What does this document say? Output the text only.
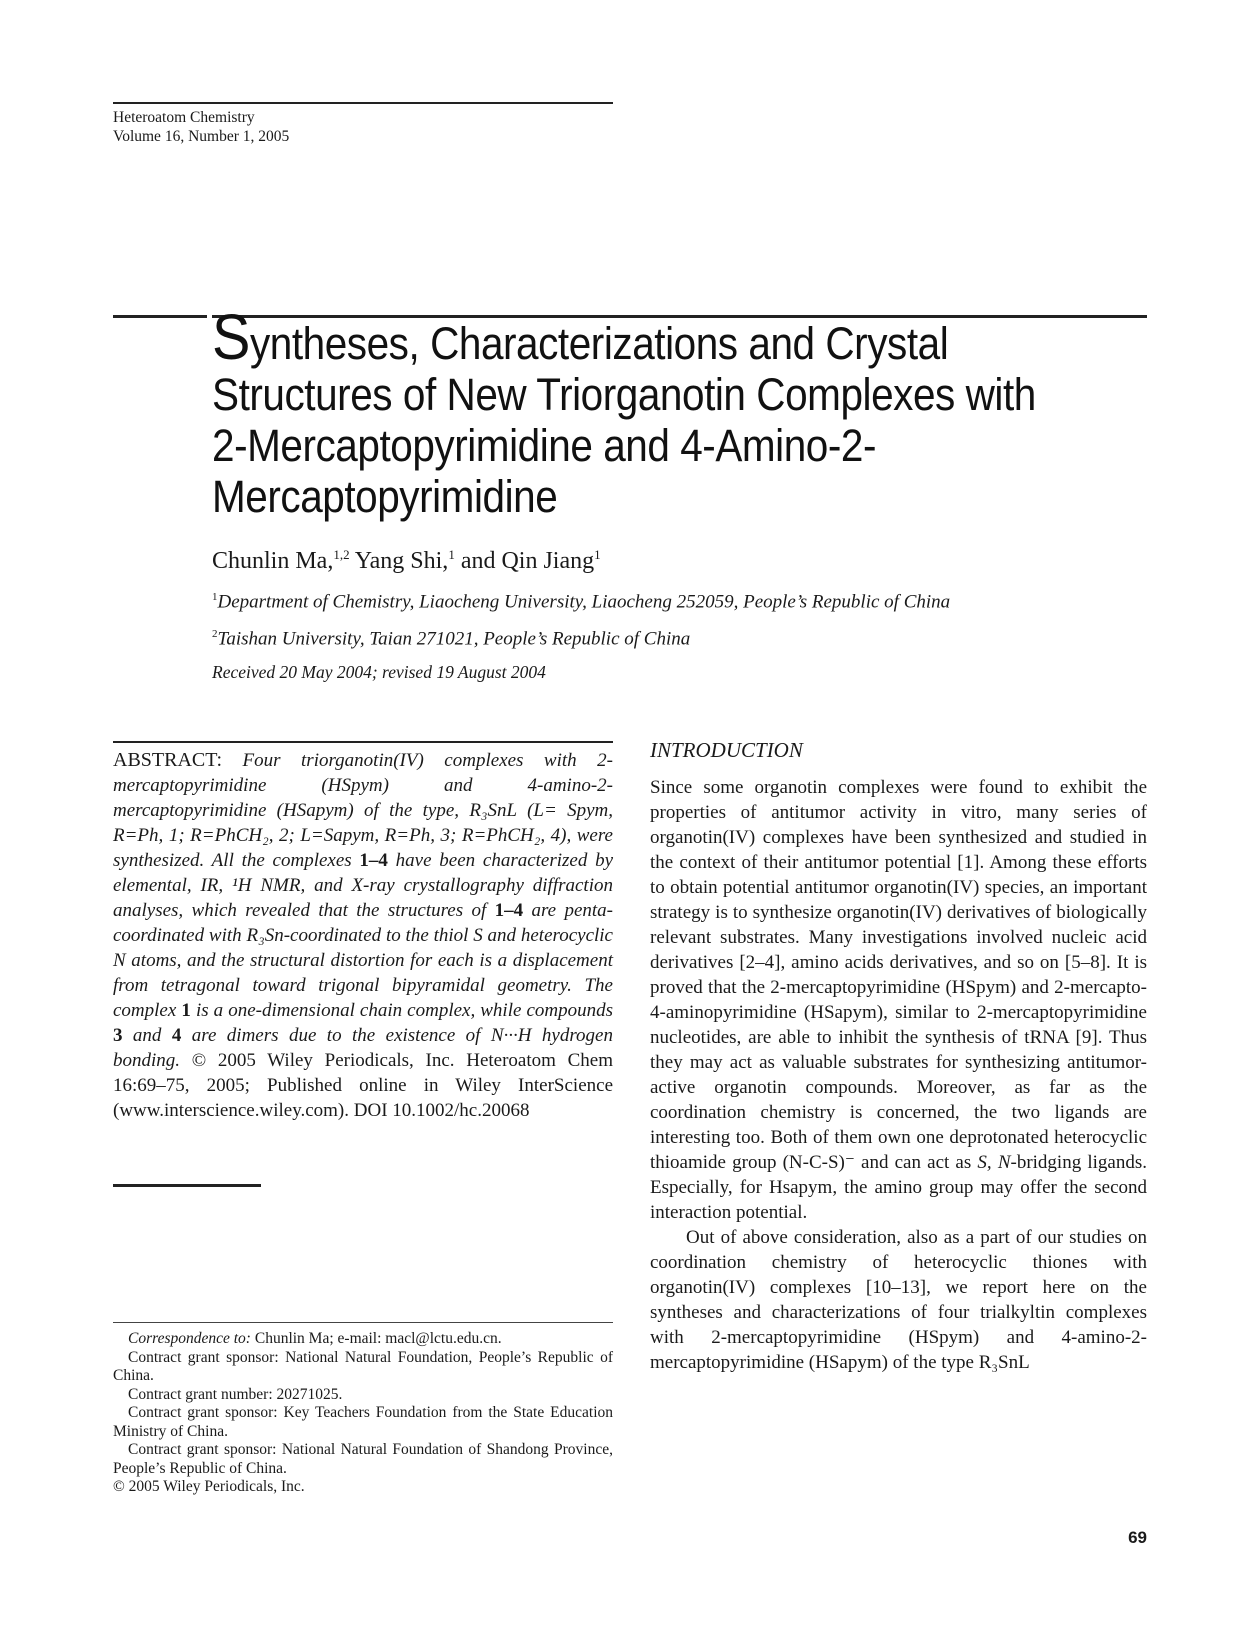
Heteroatom Chemistry
Volume 16, Number 1, 2005
Syntheses, Characterizations and Crystal Structures of New Triorganotin Complexes with 2-Mercaptopyrimidine and 4-Amino-2-Mercaptopyrimidine
Chunlin Ma,$^{1,2}$ Yang Shi,$^1$ and Qin Jiang$^1$
$^1$Department of Chemistry, Liaocheng University, Liaocheng 252059, People’s Republic of China
$^2$Taishan University, Taian 271021, People’s Republic of China
Received 20 May 2004; revised 19 August 2004
ABSTRACT: Four triorganotin(IV) complexes with 2-mercaptopyrimidine (HSpym) and 4-amino-2-mercaptopyrimidine (HSapym) of the type, R₃SnL (L= Spym, R=Ph, 1; R=PhCH₂, 2; L=Sapym, R=Ph, 3; R=PhCH₂, 4), were synthesized. All the complexes 1–4 have been characterized by elemental, IR, ¹H NMR, and X-ray crystallography diffraction analyses, which revealed that the structures of 1–4 are penta-coordinated with R₃Sn-coordinated to the thiol S and heterocyclic N atoms, and the structural distortion for each is a displacement from tetragonal toward trigonal bipyramidal geometry. The complex 1 is a one-dimensional chain complex, while compounds 3 and 4 are dimers due to the existence of N···H hydrogen bonding. © 2005 Wiley Periodicals, Inc. Heteroatom Chem 16:69–75, 2005; Published online in Wiley InterScience (www.interscience.wiley.com). DOI 10.1002/hc.20068

Correspondence to: Chunlin Ma; e-mail: macl@lctu.edu.cn.

Contract grant sponsor: National Natural Foundation, People’s Republic of China.

Contract grant number: 20271025.

Contract grant sponsor: Key Teachers Foundation from the State Education Ministry of China.

Contract grant sponsor: National Natural Foundation of Shandong Province, People’s Republic of China.

© 2005 Wiley Periodicals, Inc.

INTRODUCTION

Since some organotin complexes were found to exhibit the properties of antitumor activity in vitro, many series of organotin(IV) complexes have been synthesized and studied in the context of their antitumor potential [1]. Among these efforts to obtain potential antitumor organotin(IV) species, an important strategy is to synthesize organotin(IV) derivatives of biologically relevant substrates. Many investigations involved nucleic acid derivatives [2–4], amino acids derivatives, and so on [5–8]. It is proved that the 2-mercaptopyrimidine (HSpym) and 2-mercapto-4-aminopyrimidine (HSapym), similar to 2-mercaptopyrimidine nucleotides, are able to inhibit the synthesis of tRNA [9]. Thus they may act as valuable substrates for synthesizing antitumor-active organotin compounds. Moreover, as far as the coordination chemistry is concerned, the two ligands are interesting too. Both of them own one deprotonated heterocyclic thioamide group (N-C-S)⁻ and can act as S, N-bridging ligands. Especially, for Hsapym, the amino group may offer the second interaction potential.

Out of above consideration, also as a part of our studies on coordination chemistry of heterocyclic thiones with organotin(IV) complexes [10–13], we report here on the syntheses and characterizations of four trialkyltin complexes with 2-mercaptopyrimidine (HSpym) and 4-amino-2-mercaptopyrimidine (HSapym) of the type R₃SnL

69
